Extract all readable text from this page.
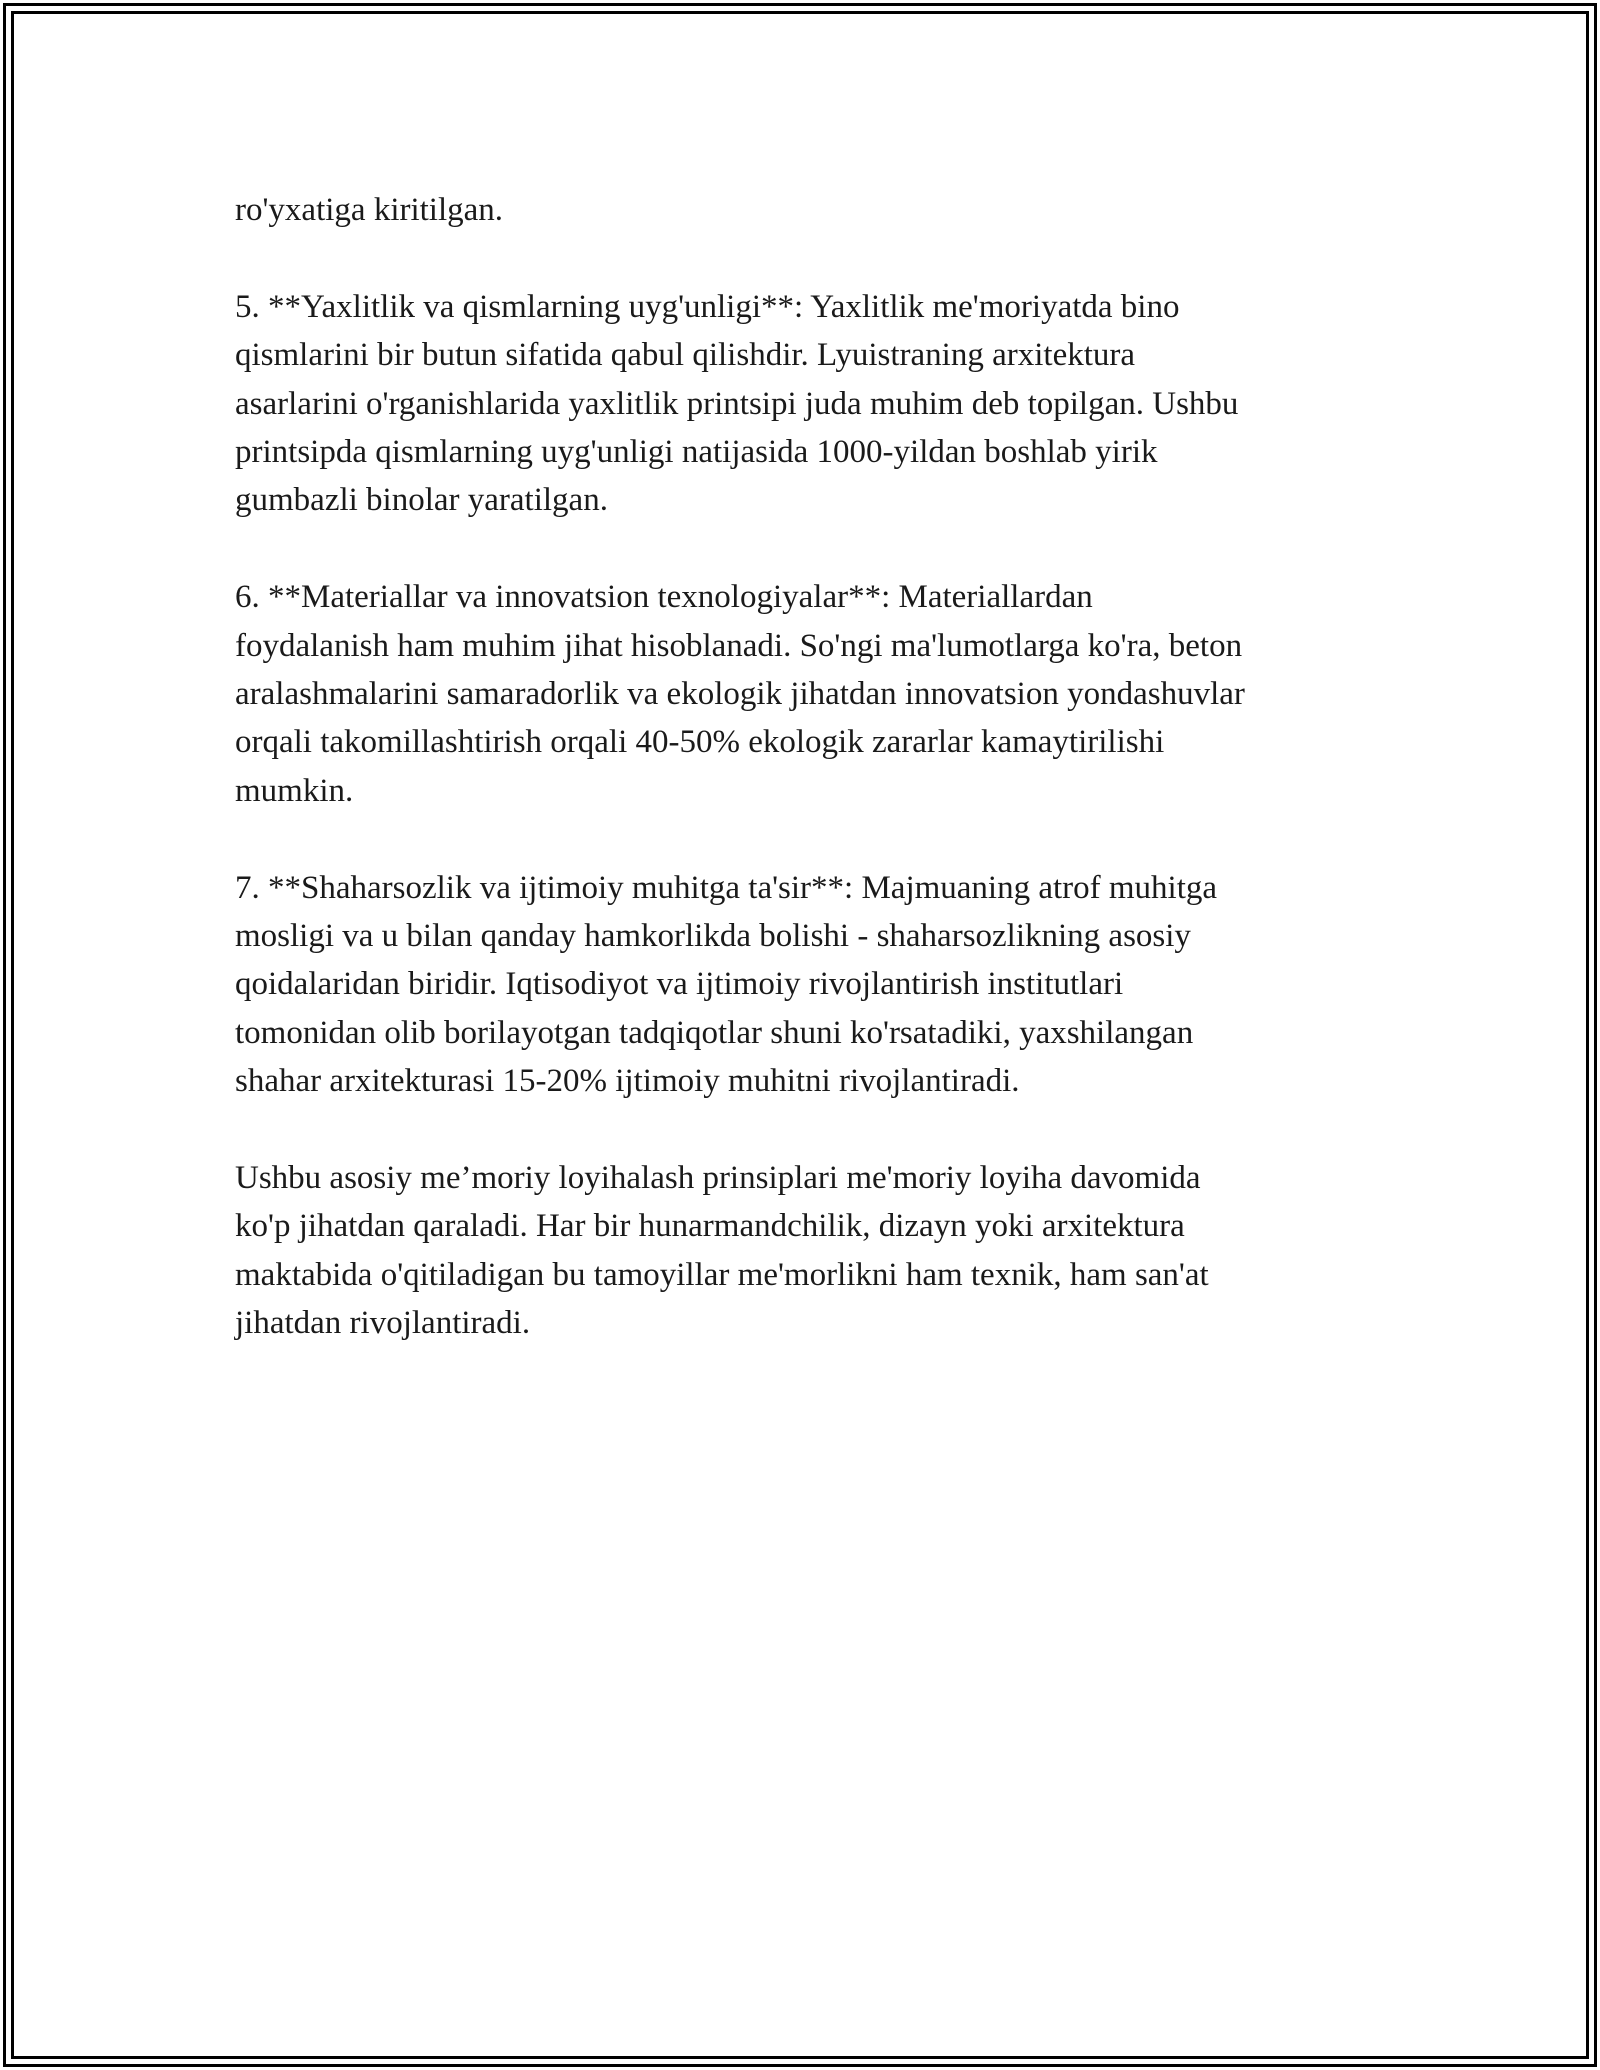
ro'yxatiga kiritilgan.

5. **Yaxlitlik va qismlarning uyg'unligi**: Yaxlitlik me'moriyatda bino
qismlarini bir butun sifatida qabul qilishdir. Lyuistraning arxitektura
asarlarini o'rganishlarida yaxlitlik printsipi juda muhim deb topilgan. Ushbu
printsipda qismlarning uyg'unligi natijasida 1000-yildan boshlab yirik
gumbazli binolar yaratilgan.

6. **Materiallar va innovatsion texnologiyalar**: Materiallardan
foydalanish ham muhim jihat hisoblanadi. So'ngi ma'lumotlarga ko'ra, beton
aralashmalarini samaradorlik va ekologik jihatdan innovatsion yondashuvlar
orqali takomillashtirish orqali 40-50% ekologik zararlar kamaytirilishi
mumkin.

7. **Shaharsozlik va ijtimoiy muhitga ta'sir**: Majmuaning atrof muhitga
mosligi va u bilan qanday hamkorlikda bolishi - shaharsozlikning asosiy
qoidalaridan biridir. Iqtisodiyot va ijtimoiy rivojlantirish institutlari
tomonidan olib borilayotgan tadqiqotlar shuni ko'rsatadiki, yaxshilangan
shahar arxitekturasi 15-20% ijtimoiy muhitni rivojlantiradi.

Ushbu asosiy me’moriy loyihalash prinsiplari me'moriy loyiha davomida
ko'p jihatdan qaraladi. Har bir hunarmandchilik, dizayn yoki arxitektura
maktabida o'qitiladigan bu tamoyillar me'morlikni ham texnik, ham san'at
jihatdan rivojlantiradi.
